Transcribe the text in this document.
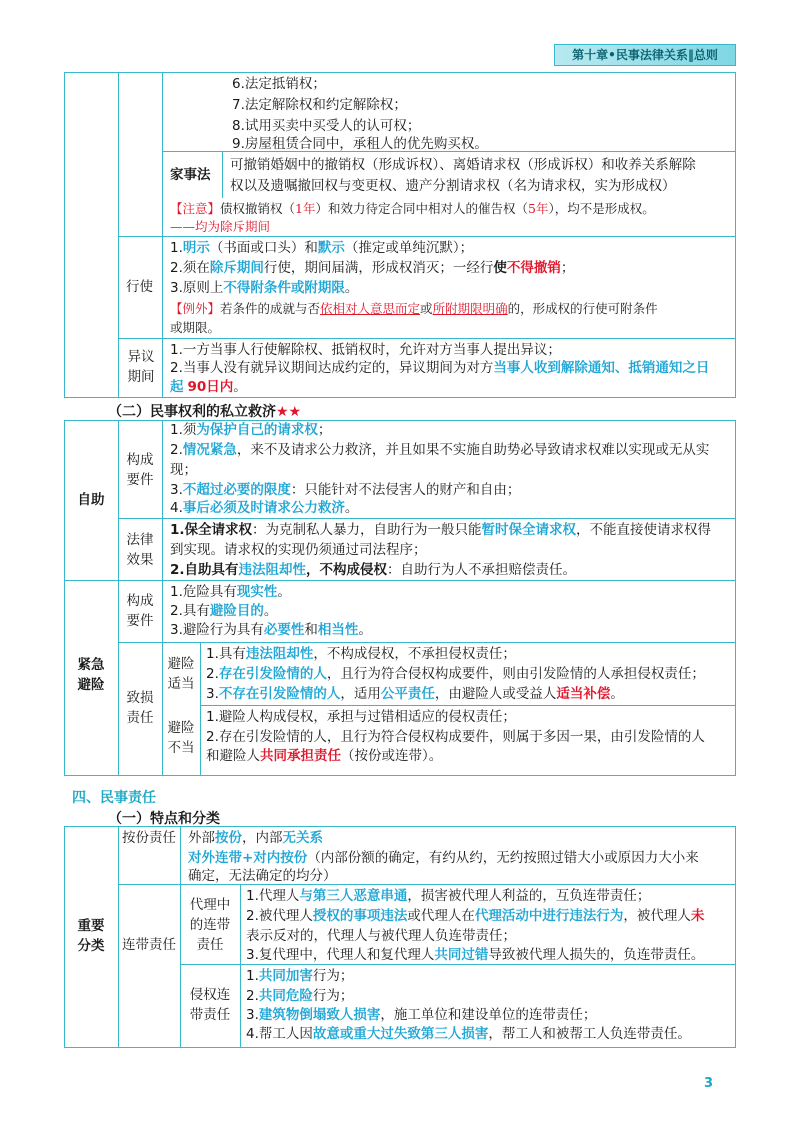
第十章•民事法律关系‖总则
6.法定抵销权；
7.法定解除权和约定解除权；
8.试用买卖中买受人的认可权；
9.房屋租赁合同中，承租人的优先购买权。
家事法
可撤销婚姻中的撤销权（形成诉权）、离婚请求权（形成诉权）和收养关系解除
权以及遗嘱撤回权与变更权、遗产分割请求权（名为请求权，实为形成权）
【注意】债权撤销权（1年）和效力待定合同中相对人的催告权（5年），均不是形成权。
——均为除斥期间
行使
1.明示（书面或口头）和默示（推定或单纯沉默）；
2.须在除斥期间行使，期间届满，形成权消灭；一经行使不得撤销；
3.原则上不得附条件或附期限。
【例外】若条件的成就与否依相对人意思而定或所附期限明确的，形成权的行使可附条件
或期限。
异议
期间
1.一方当事人行使解除权、抵销权时，允许对方当事人提出异议；
2.当事人没有就异议期间达成约定的，异议期间为对方当事人收到解除通知、抵销通知之日
起 90日内。
（二）民事权利的私立救济★★
自助
构成
要件
1.须为保护自己的请求权；
2.情况紧急，来不及请求公力救济，并且如果不实施自助势必导致请求权难以实现或无从实
现；
3.不超过必要的限度：只能针对不法侵害人的财产和自由；
4.事后必须及时请求公力救济。
法律
效果
1.保全请求权：为克制私人暴力，自助行为一般只能暂时保全请求权，不能直接使请求权得
到实现。请求权的实现仍须通过司法程序；
2.自助具有违法阻却性，不构成侵权：自助行为人不承担赔偿责任。
紧急
避险
构成
要件
1.危险具有现实性。
2.具有避险目的。
3.避险行为具有必要性和相当性。
致损
责任
避险
适当
1.具有违法阻却性，不构成侵权，不承担侵权责任；
2.存在引发险情的人，且行为符合侵权构成要件，则由引发险情的人承担侵权责任；
3.不存在引发险情的人，适用公平责任，由避险人或受益人适当补偿。
避险
不当
1.避险人构成侵权，承担与过错相适应的侵权责任；
2.存在引发险情的人，且行为符合侵权构成要件，则属于多因一果，由引发险情的人
和避险人共同承担责任（按份或连带）。
四、民事责任
（一）特点和分类
重要
分类
按份责任 外部按份，内部无关系
对外连带+对内按份（内部份额的确定，有约从约，无约按照过错大小或原因力大小来
确定，无法确定的均分）
连带责任
代理中
的连带
责任
1.代理人与第三人恶意串通，损害被代理人利益的，互负连带责任；
2.被代理人授权的事项违法或代理人在代理活动中进行违法行为，被代理人未
表示反对的，代理人与被代理人负连带责任；
3.复代理中，代理人和复代理人共同过错导致被代理人损失的，负连带责任。
侵权连
带责任
1.共同加害行为；
2.共同危险行为；
3.建筑物倒塌致人损害，施工单位和建设单位的连带责任；
4.帮工人因故意或重大过失致第三人损害，帮工人和被帮工人负连带责任。
3
